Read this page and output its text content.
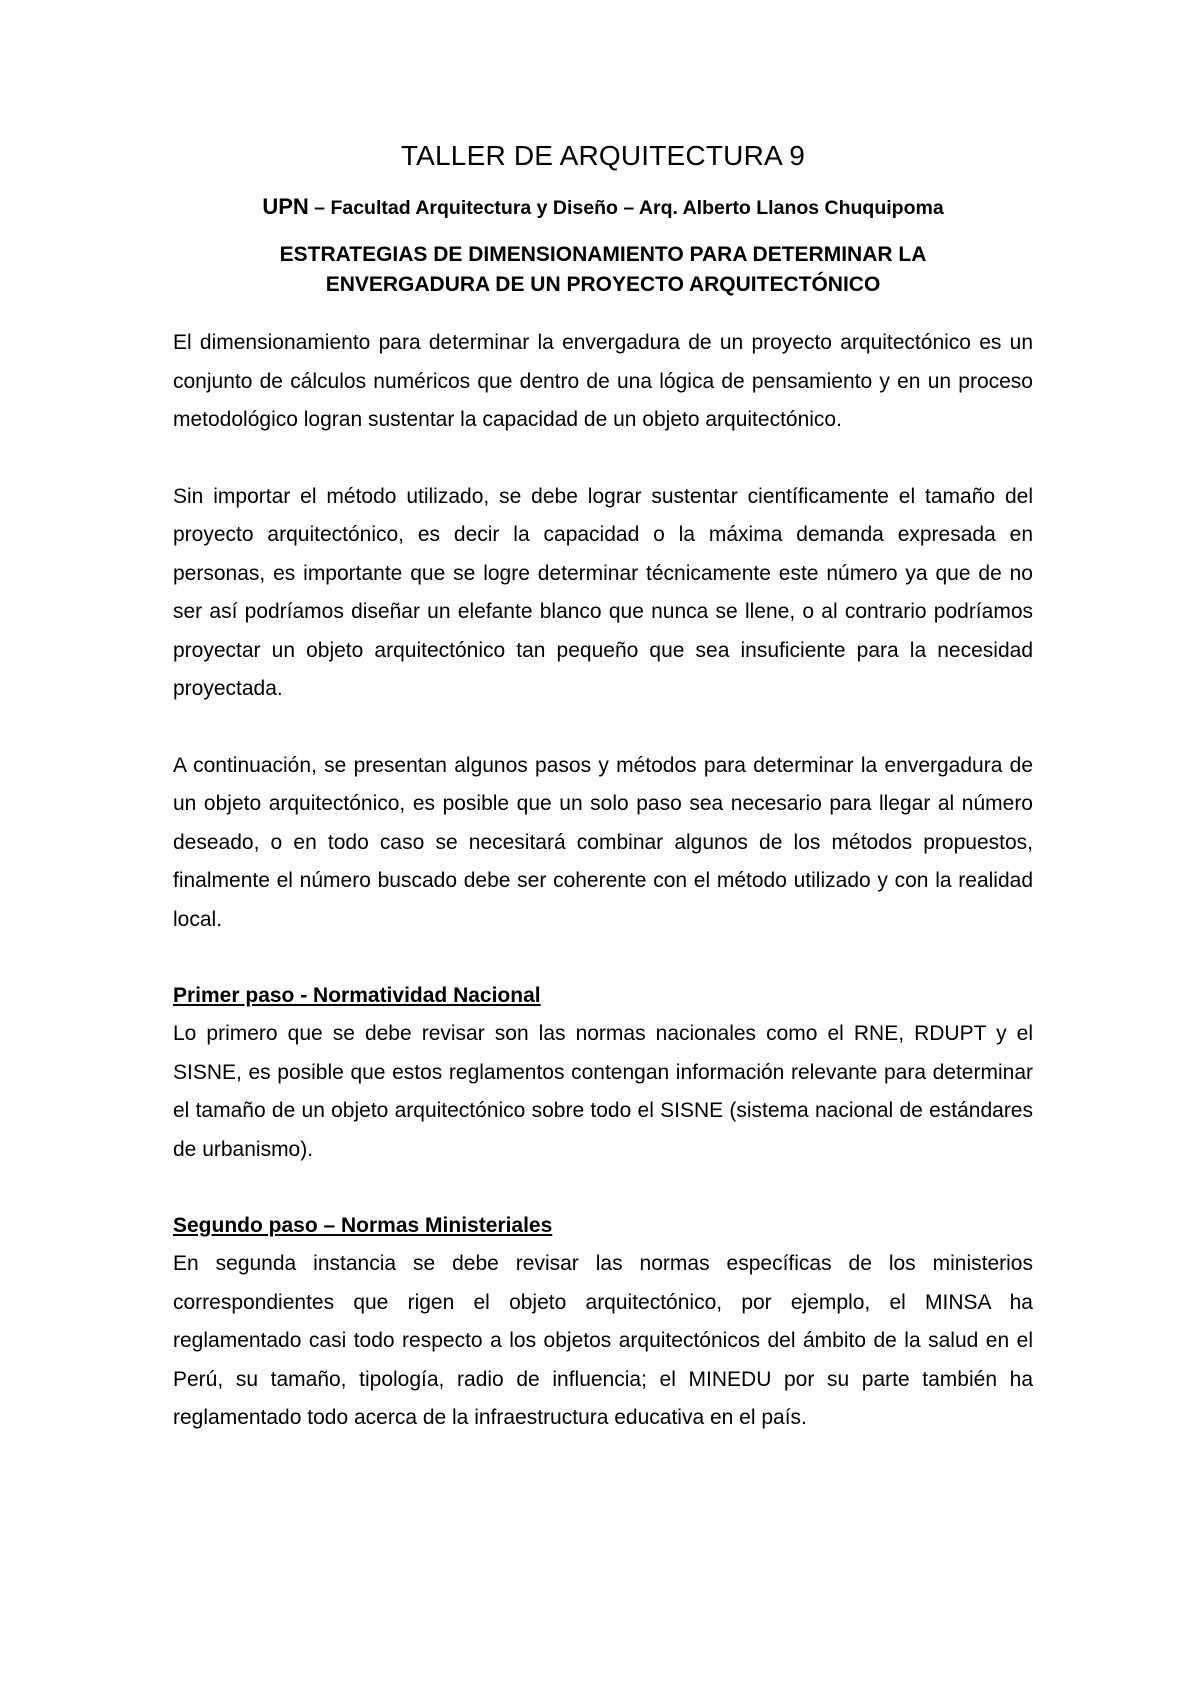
TALLER DE ARQUITECTURA 9
UPN – Facultad Arquitectura y Diseño – Arq. Alberto Llanos Chuquipoma
ESTRATEGIAS DE DIMENSIONAMIENTO PARA DETERMINAR LA
ENVERGADURA DE UN PROYECTO ARQUITECTÓNICO

El dimensionamiento para determinar la envergadura de un proyecto arquitectónico es un conjunto de cálculos numéricos que dentro de una lógica de pensamiento y en un proceso metodológico logran sustentar la capacidad de un objeto arquitectónico.

Sin importar el método utilizado, se debe lograr sustentar científicamente el tamaño del proyecto arquitectónico, es decir la capacidad o la máxima demanda expresada en personas, es importante que se logre determinar técnicamente este número ya que de no ser así podríamos diseñar un elefante blanco que nunca se llene, o al contrario podríamos proyectar un objeto arquitectónico tan pequeño que sea insuficiente para la necesidad proyectada.

A continuación, se presentan algunos pasos y métodos para determinar la envergadura de un objeto arquitectónico, es posible que un solo paso sea necesario para llegar al número deseado, o en todo caso se necesitará combinar algunos de los métodos propuestos, finalmente el número buscado debe ser coherente con el método utilizado y con la realidad local.

Primer paso - Normatividad Nacional

Lo primero que se debe revisar son las normas nacionales como el RNE, RDUPT y el SISNE, es posible que estos reglamentos contengan información relevante para determinar el tamaño de un objeto arquitectónico sobre todo el SISNE (sistema nacional de estándares de urbanismo).

Segundo paso – Normas Ministeriales

En segunda instancia se debe revisar las normas específicas de los ministerios correspondientes que rigen el objeto arquitectónico, por ejemplo, el MINSA ha reglamentado casi todo respecto a los objetos arquitectónicos del ámbito de la salud en el Perú, su tamaño, tipología, radio de influencia; el MINEDU por su parte también ha reglamentado todo acerca de la infraestructura educativa en el país.
